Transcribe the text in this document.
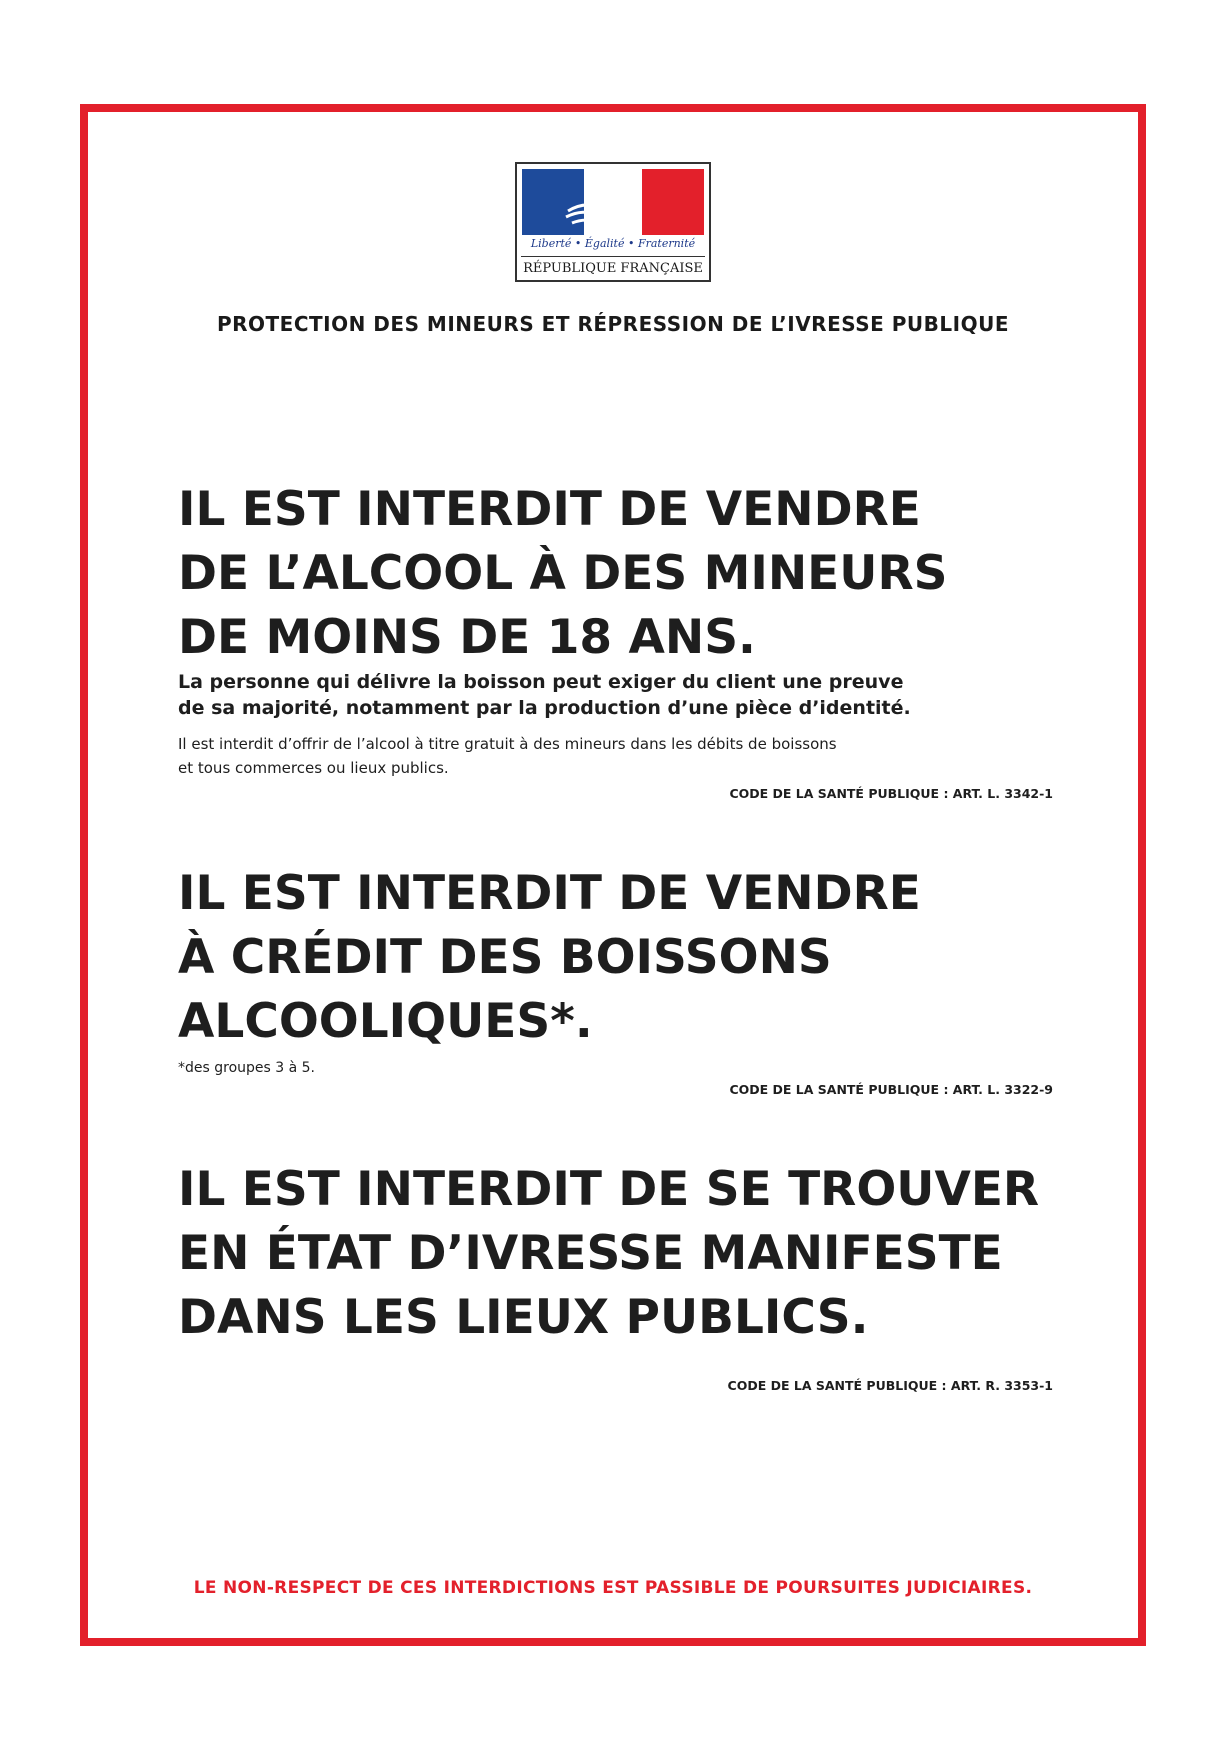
Liberté • Égalité • Fraternité
RÉPUBLIQUE FRANÇAISE
PROTECTION DES MINEURS ET RÉPRESSION DE L’IVRESSE PUBLIQUE
IL EST INTERDIT DE VENDRE
DE L’ALCOOL À DES MINEURS
DE MOINS DE 18 ANS.
La personne qui délivre la boisson peut exiger du client une preuve
de sa majorité, notamment par la production d’une pièce d’identité.
Il est interdit d’offrir de l’alcool à titre gratuit à des mineurs dans les débits de boissons
et tous commerces ou lieux publics.
CODE DE LA SANTÉ PUBLIQUE : ART. L. 3342-1
IL EST INTERDIT DE VENDRE
À CRÉDIT DES BOISSONS
ALCOOLIQUES*.
*des groupes 3 à 5.
CODE DE LA SANTÉ PUBLIQUE : ART. L. 3322-9
IL EST INTERDIT DE SE TROUVER
EN ÉTAT D’IVRESSE MANIFESTE
DANS LES LIEUX PUBLICS.
CODE DE LA SANTÉ PUBLIQUE : ART. R. 3353-1
LE NON-RESPECT DE CES INTERDICTIONS EST PASSIBLE DE POURSUITES JUDICIAIRES.
